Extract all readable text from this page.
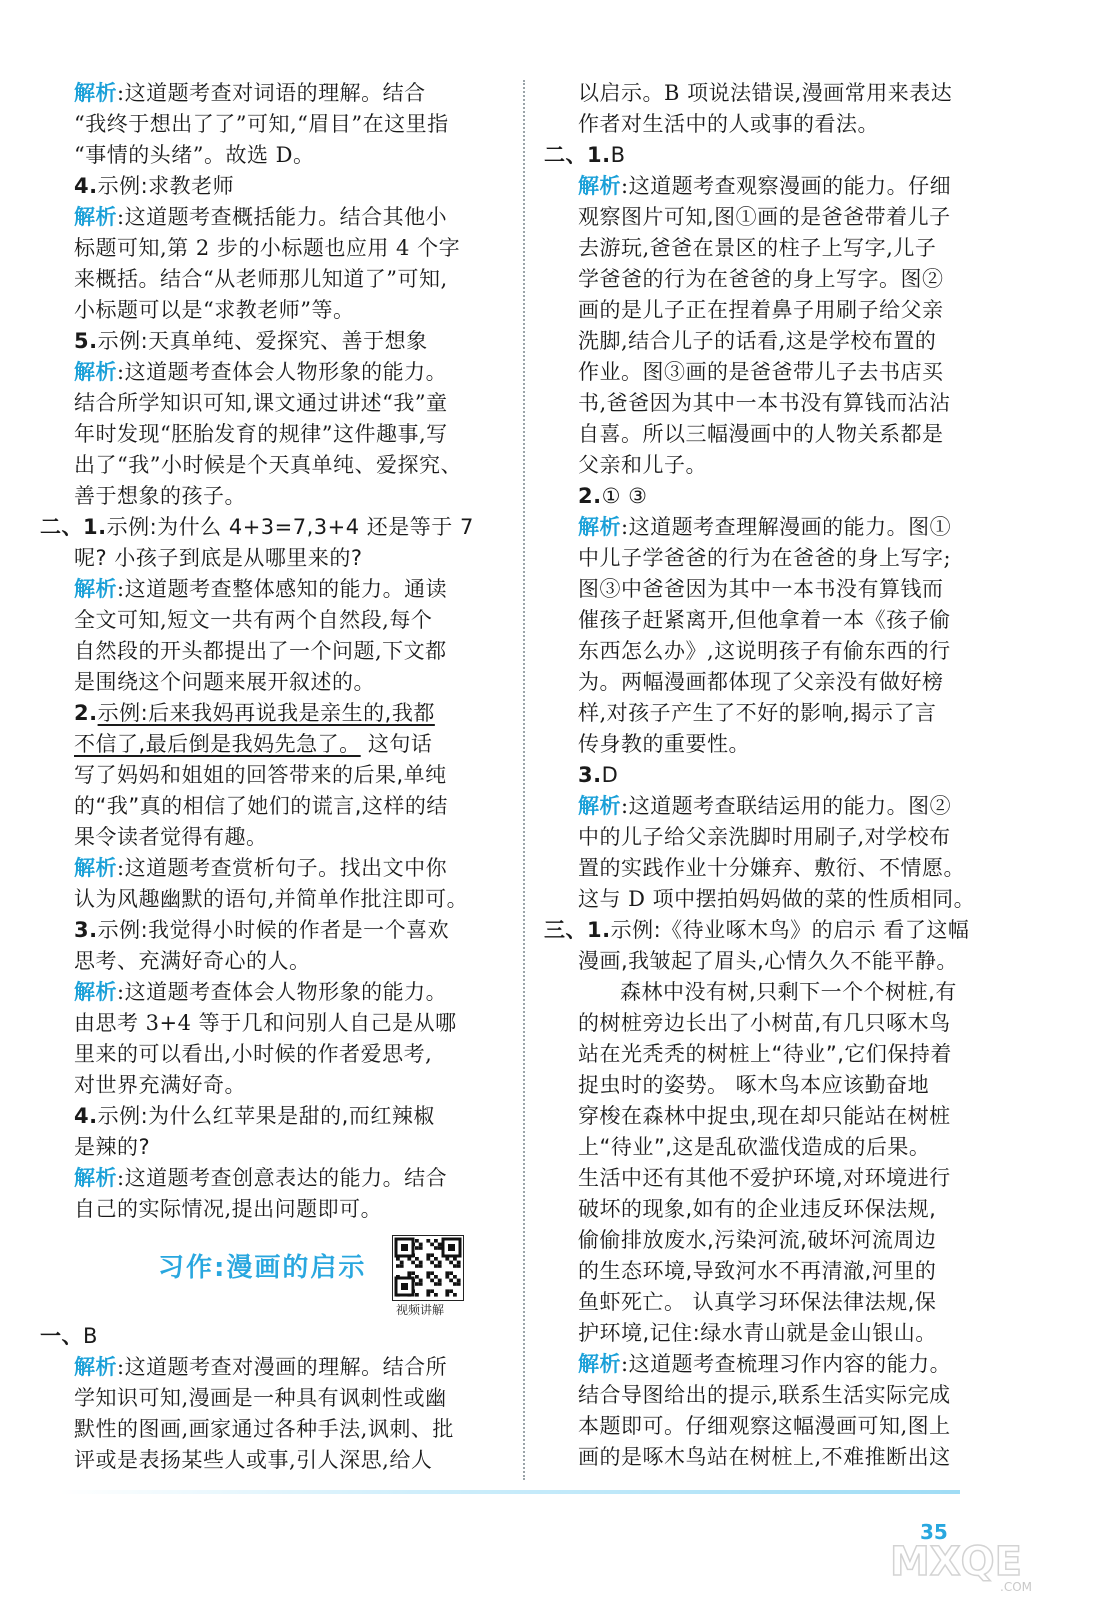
解析:这道题考查对词语的理解。结合
“我终于想出了了”可知,“眉目”在这里指
“事情的头绪”。故选 D。
4.示例:求教老师
解析:这道题考查概括能力。结合其他小
标题可知,第 2 步的小标题也应用 4 个字
来概括。结合“从老师那儿知道了”可知,
小标题可以是“求教老师”等。
5.示例:天真单纯、爱探究、善于想象
解析:这道题考查体会人物形象的能力。
结合所学知识可知,课文通过讲述“我”童
年时发现“胚胎发育的规律”这件趣事,写
出了“我”小时候是个天真单纯、爱探究、
善于想象的孩子。
二、1.示例:为什么 4+3=7,3+4 还是等于 7
呢? 小孩子到底是从哪里来的?
解析:这道题考查整体感知的能力。通读
全文可知,短文一共有两个自然段,每个
自然段的开头都提出了一个问题,下文都
是围绕这个问题来展开叙述的。
2.示例:后来我妈再说我是亲生的,我都
不信了,最后倒是我妈先急了。 这句话
写了妈妈和姐姐的回答带来的后果,单纯
的“我”真的相信了她们的谎言,这样的结
果令读者觉得有趣。
解析:这道题考查赏析句子。找出文中你
认为风趣幽默的语句,并简单作批注即可。
3.示例:我觉得小时候的作者是一个喜欢
思考、充满好奇心的人。
解析:这道题考查体会人物形象的能力。
由思考 3+4 等于几和问别人自己是从哪
里来的可以看出,小时候的作者爱思考,
对世界充满好奇。
4.示例:为什么红苹果是甜的,而红辣椒
是辣的?
解析:这道题考查创意表达的能力。结合
自己的实际情况,提出问题即可。
习作:漫画的启示
视频讲解
一、B
解析:这道题考查对漫画的理解。结合所
学知识可知,漫画是一种具有讽刺性或幽
默性的图画,画家通过各种手法,讽刺、批
评或是表扬某些人或事,引人深思,给人
以启示。B 项说法错误,漫画常用来表达
作者对生活中的人或事的看法。
二、1.B
解析:这道题考查观察漫画的能力。仔细
观察图片可知,图①画的是爸爸带着儿子
去游玩,爸爸在景区的柱子上写字,儿子
学爸爸的行为在爸爸的身上写字。图②
画的是儿子正在捏着鼻子用刷子给父亲
洗脚,结合儿子的话看,这是学校布置的
作业。图③画的是爸爸带儿子去书店买
书,爸爸因为其中一本书没有算钱而沾沾
自喜。所以三幅漫画中的人物关系都是
父亲和儿子。
2.① ③
解析:这道题考查理解漫画的能力。图①
中儿子学爸爸的行为在爸爸的身上写字;
图③中爸爸因为其中一本书没有算钱而
催孩子赶紧离开,但他拿着一本《孩子偷
东西怎么办》,这说明孩子有偷东西的行
为。两幅漫画都体现了父亲没有做好榜
样,对孩子产生了不好的影响,揭示了言
传身教的重要性。
3.D
解析:这道题考查联结运用的能力。图②
中的儿子给父亲洗脚时用刷子,对学校布
置的实践作业十分嫌弃、敷衍、不情愿。
这与 D 项中摆拍妈妈做的菜的性质相同。
三、1.示例:《待业啄木鸟》的启示 看了这幅
漫画,我皱起了眉头,心情久久不能平静。
森林中没有树,只剩下一个个树桩,有
的树桩旁边长出了小树苗,有几只啄木鸟
站在光秃秃的树桩上“待业”,它们保持着
捉虫时的姿势。 啄木鸟本应该勤奋地
穿梭在森林中捉虫,现在却只能站在树桩
上“待业”,这是乱砍滥伐造成的后果。
生活中还有其他不爱护环境,对环境进行
破坏的现象,如有的企业违反环保法规,
偷偷排放废水,污染河流,破坏河流周边
的生态环境,导致河水不再清澈,河里的
鱼虾死亡。 认真学习环保法律法规,保
护环境,记住:绿水青山就是金山银山。
解析:这道题考查梳理习作内容的能力。
结合导图给出的提示,联系生活实际完成
本题即可。仔细观察这幅漫画可知,图上
画的是啄木鸟站在树桩上,不难推断出这
35
MXQE
.COM
